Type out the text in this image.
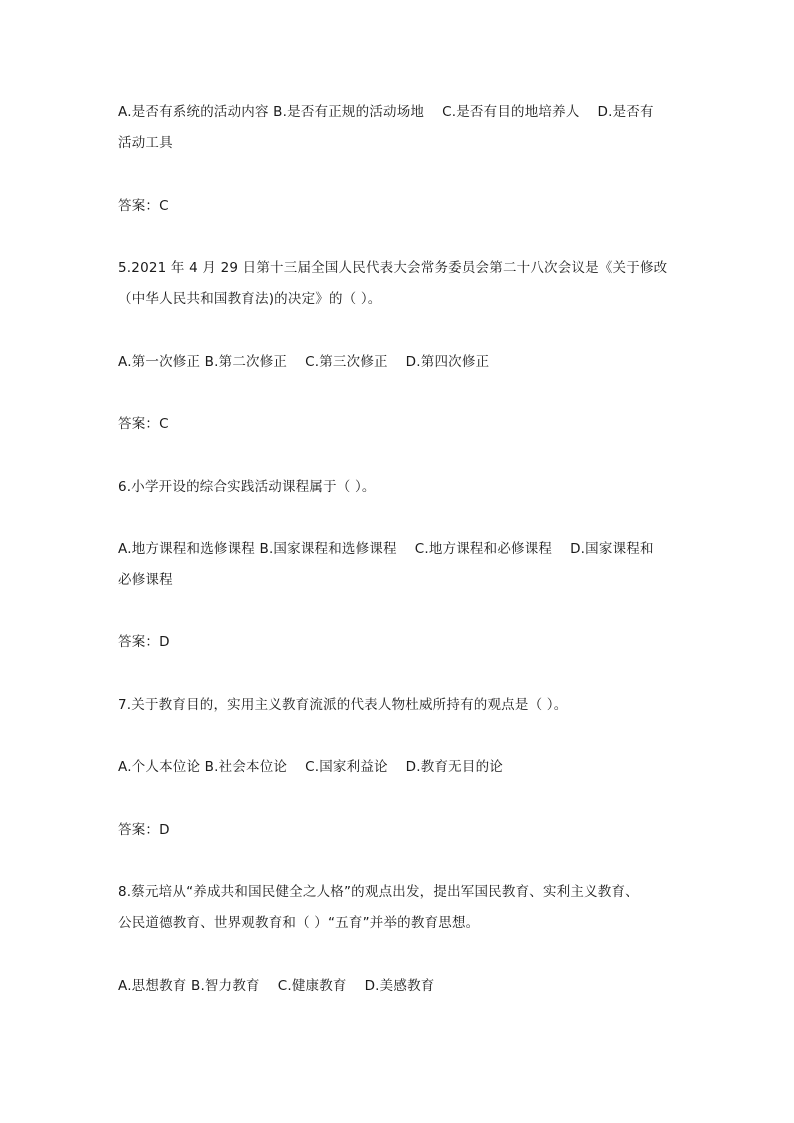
A.是否有系统的活动内容 B.是否有正规的活动场地    C.是否有目的地培养人    D.是否有
活动工具
答案：C
5.2021 年 4 月 29 日第十三届全国人民代表大会常务委员会第二十八次会议是《关于修改
（中华人民共和国教育法)的决定》的（ ）。
A.第一次修正 B.第二次修正    C.第三次修正    D.第四次修正
答案：C
6.小学开设的综合实践活动课程属于（ ）。
A.地方课程和选修课程 B.国家课程和选修课程    C.地方课程和必修课程    D.国家课程和
必修课程
答案：D
7.关于教育目的，实用主义教育流派的代表人物杜威所持有的观点是（ ）。
A.个人本位论 B.社会本位论    C.国家利益论    D.教育无目的论
答案：D
8.蔡元培从“养成共和国民健全之人格”的观点出发，提出军国民教育、实利主义教育、
公民道德教育、世界观教育和（ ）“五育”并举的教育思想。
A.思想教育 B.智力教育    C.健康教育    D.美感教育
